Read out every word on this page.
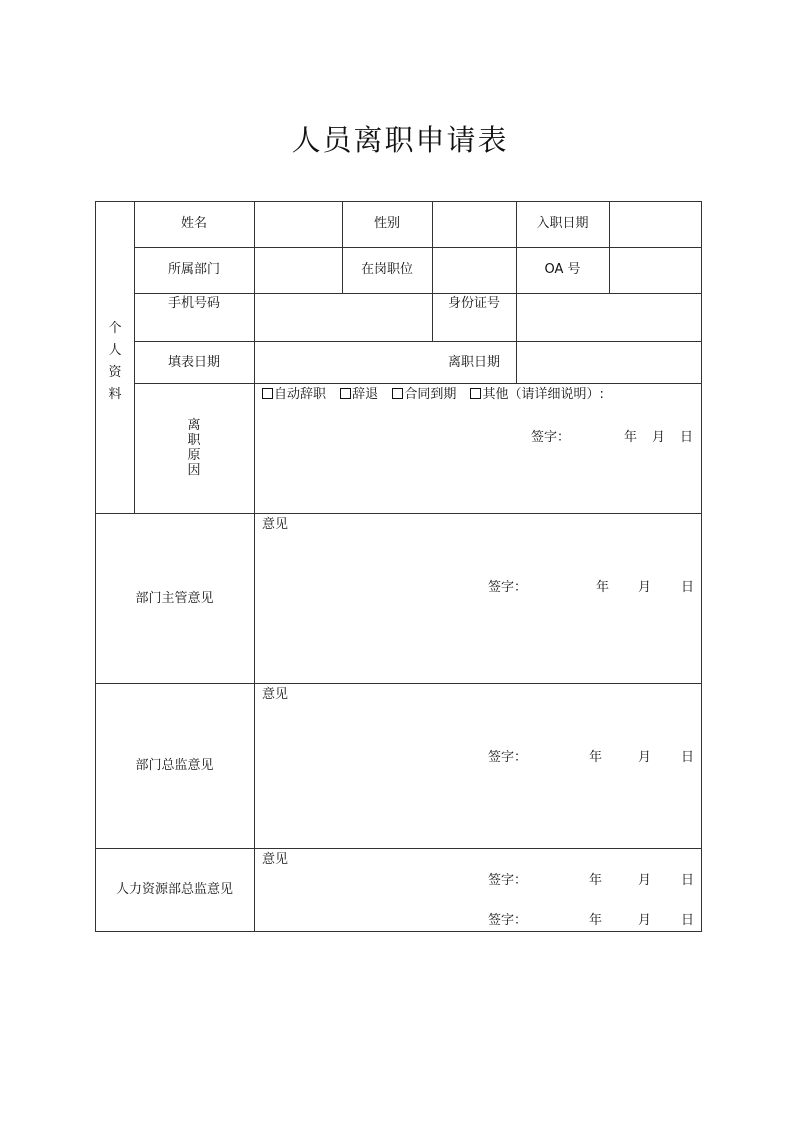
人员离职申请表
个人资料
姓名	性别	入职日期
所属部门	在岗职位	OA 号
手机号码	身份证号
填表日期	离职日期
离职原因
自动辞职 辞退 合同到期 其他（请详细说明）:
签字：	年 月 日
部门主管意见
意见
签字：	年 月 日
部门总监意见
意见
签字：	年	月 日
人力资源部总监意见
意见
签字：	年	月 日
签字：	年	月 日
